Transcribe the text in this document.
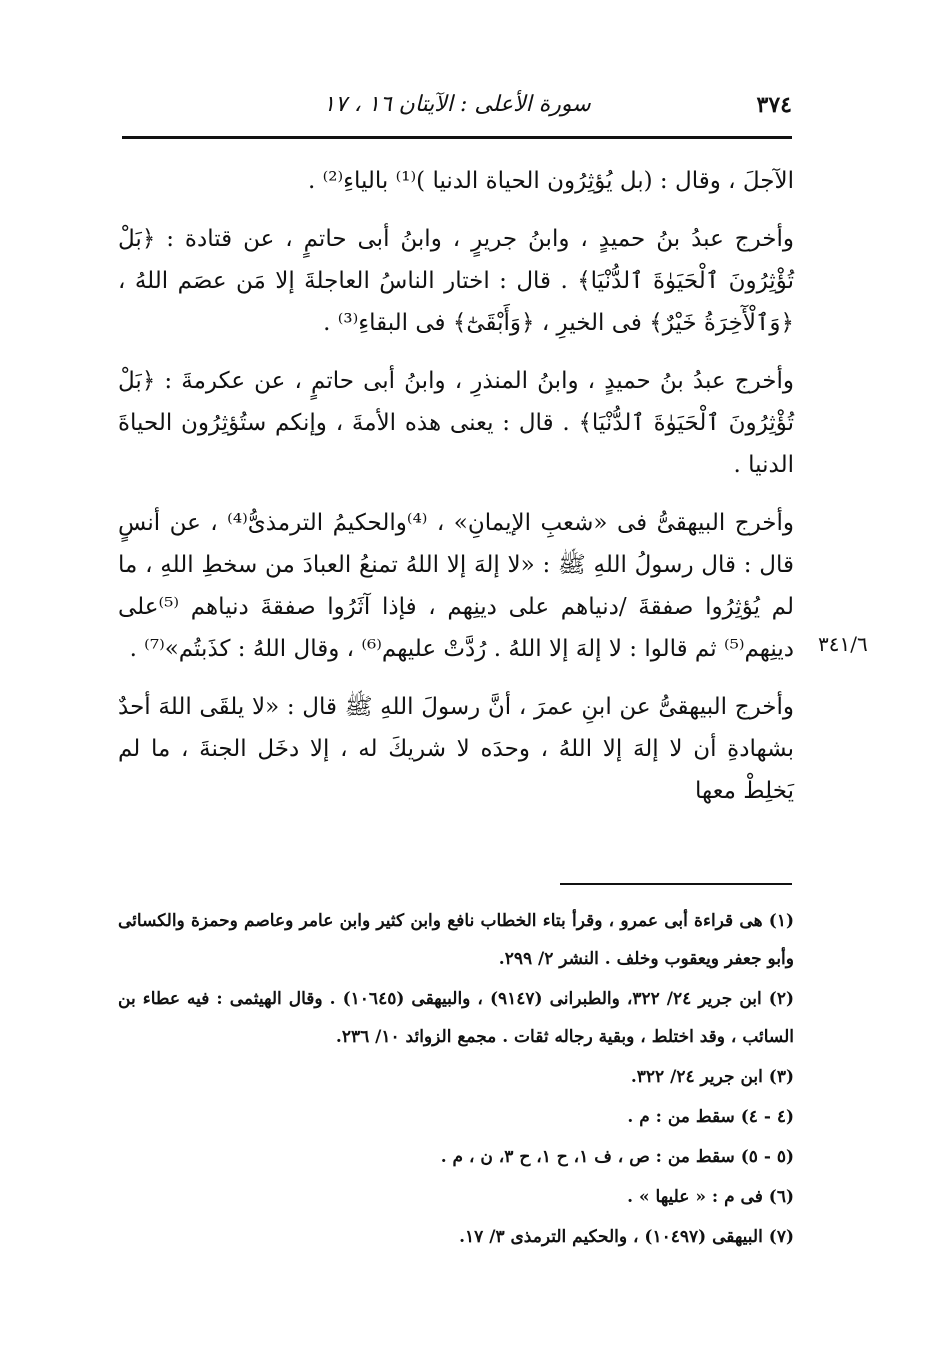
٣٧٤
سورة الأعلى : الآيتان ١٦ ، ١٧
٣٤١/٦

الآجلَ ، وقال : (بل يُؤثِرُون الحياة الدنيا )⁽¹⁾ بالياءِ⁽²⁾ .

وأخرج عبدُ بنُ حميدٍ ، وابنُ جريرٍ ، وابنُ أبى حاتمٍ ، عن قتادة : ﴿بَلْ تُؤْثِرُونَ ٱلْحَيَوٰةَ ٱلدُّنْيَا﴾ . قال : اختار الناسُ العاجلةَ إلا مَن عصَم اللهُ ، ﴿وَٱلْأٓخِرَةُ خَيْرٌ﴾ فى الخيرِ ، ﴿وَأَبْقَىٰٓ﴾ فى البقاءِ⁽³⁾ .

وأخرج عبدُ بنُ حميدٍ ، وابنُ المنذرِ ، وابنُ أبى حاتمٍ ، عن عكرمةَ : ﴿بَلْ تُؤْثِرُونَ ٱلْحَيَوٰةَ ٱلدُّنْيَا﴾ . قال : يعنى هذه الأمةَ ، وإنكم ستُؤثِرُون الحياةَ الدنيا .

وأخرج البيهقىُّ فى «شعبِ الإيمانِ» ، ⁽⁴⁾والحكيمُ الترمذىُّ⁽⁴⁾ ، عن أنسٍ قال : قال رسولُ اللهِ ﷺ : «لا إلهَ إلا اللهُ تمنعُ العبادَ من سخطِ اللهِ ، ما لم يُؤثِرُوا صفقةَ /دنياهم على دينِهم ، فإذا آثَرُوا صفقةَ دنياهم ⁽⁵⁾على دينِهم⁽⁵⁾ ثم قالوا : لا إلهَ إلا اللهُ . رُدَّتْ عليهم⁽⁶⁾ ، وقال اللهُ : كذَبتُم»⁽⁷⁾ .

وأخرج البيهقىُّ عن ابنِ عمرَ ، أنَّ رسولَ اللهِ ﷺ قال : «لا يلقَى اللهَ أحدٌ بشهادةِ أن لا إلهَ إلا اللهُ ، وحدَه لا شريكَ له ، إلا دخَل الجنةَ ، ما لم يَخلِطْ معها

(١) هى قراءة أبى عمرو ، وقرأ بتاء الخطاب نافع وابن كثير وابن عامر وعاصم وحمزة والكسائى وأبو جعفر ويعقوب وخلف . النشر ٢/ ٢٩٩.

(٢) ابن جرير ٢٤/ ٣٢٢، والطبرانى (٩١٤٧) ، والبيهقى (١٠٦٤٥) . وقال الهيثمى : فيه عطاء بن السائب ، وقد اختلط ، وبقية رجاله ثقات . مجمع الزوائد ١٠/ ٢٣٦.

(٣) ابن جرير ٢٤/ ٣٢٢.

(٤ - ٤) سقط من : م .

(٥ - ٥) سقط من : ص ، ف ١، ح ١، ح ٣، ن ، م .

(٦) فى م : « عليها » .

(٧) البيهقى (١٠٤٩٧) ، والحكيم الترمذى ٣/ ١٧.
